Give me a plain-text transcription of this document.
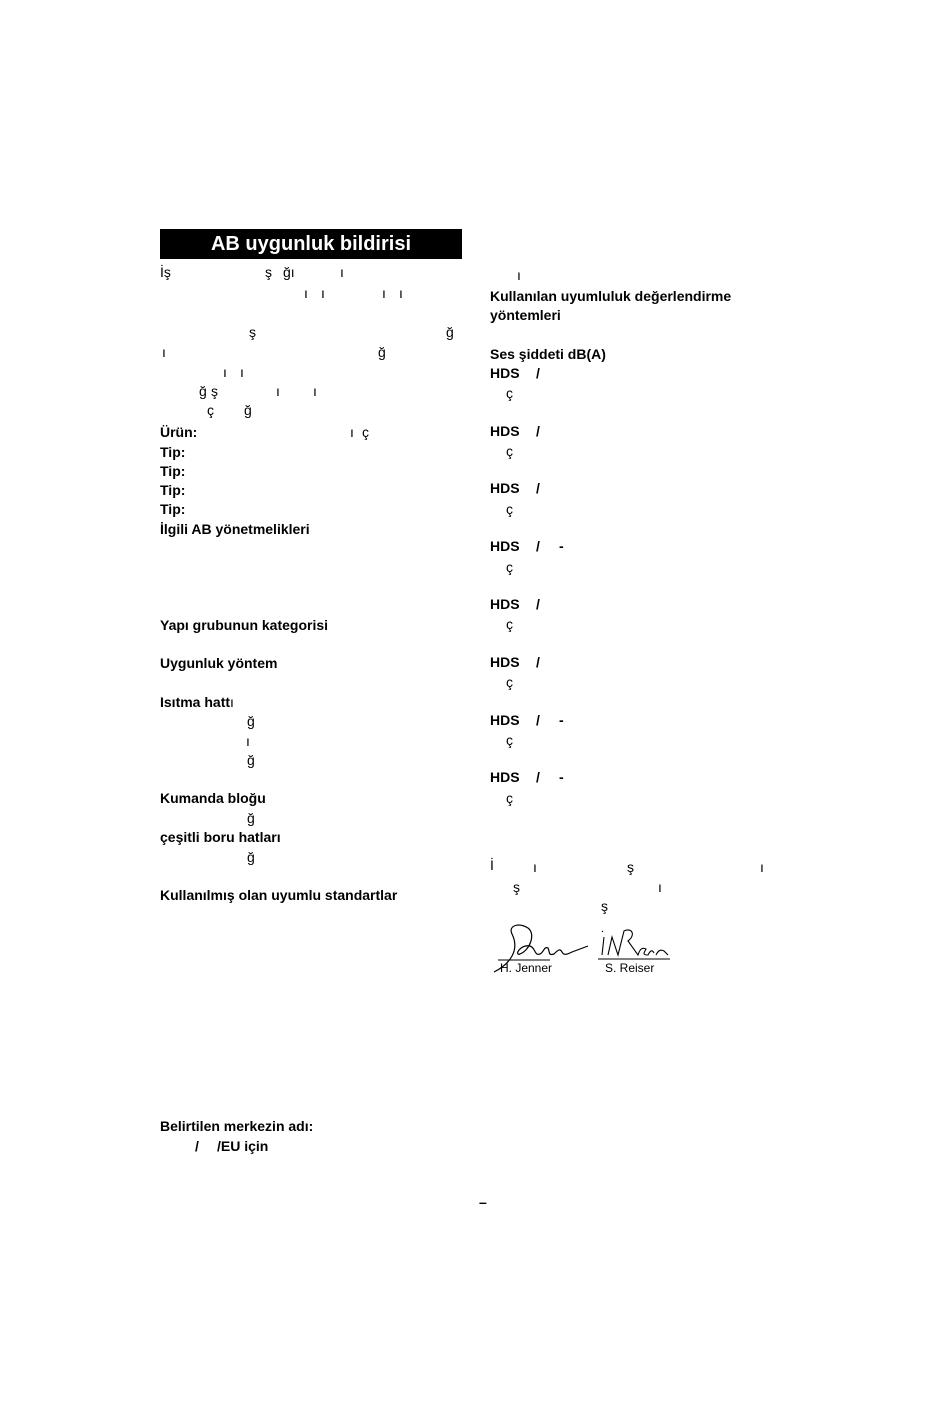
AB uygunluk bildirisi
İş	ş ğı	ı
ı ı	ı ı
ş	ğ
ı	ğ
ı ı
ğ ş	ı ı
ç ğ
Ürün:	ı ç
Tip:
Tip:
Tip:
Tip:
İlgili AB yönetmelikleri
Yapı grubunun kategorisi
Uygunluk yöntem
Isıtma hattı
ğ
ı
ğ
Kumanda bloğu
ğ
çeşitli boru hatları
ğ
Kullanılmış olan uyumlu standartlar
Belirtilen merkezin adı:
/ /EU için
ı
Kullanılan uyumluluk değerlendirme
yöntemleri
Ses şiddeti dB(A)
HDS /
ç
HDS /
ç
HDS /
ç
HDS / -
ç
HDS /
ç
HDS /
ç
HDS / -
ç
HDS / -
ç
İ	ı	ş	ı
ş	ı
ş
H. Jenner	S. Reiser
–
